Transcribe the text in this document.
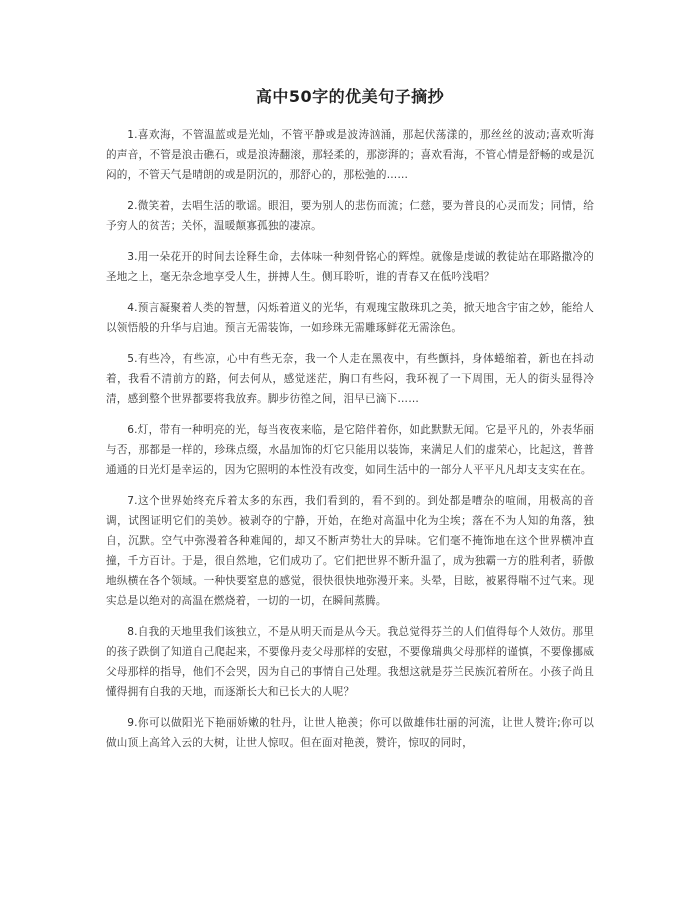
高中50字的优美句子摘抄

1.喜欢海，不管温蓝或是光灿，不管平静或是波涛汹涌，那起伏荡漾的，那丝丝的波动;喜欢听海的声音，不管是浪击礁石，或是浪涛翻滚，那轻柔的，那澎湃的；喜欢看海，不管心情是舒畅的或是沉闷的，不管天气是晴朗的或是阴沉的，那舒心的，那松弛的……

2.微笑着，去唱生活的歌谣。眼泪，要为别人的悲伤而流；仁慈，要为普良的心灵而发；同情，给予穷人的贫苦；关怀，温暖颠寡孤独的凄凉。

3.用一朵花开的时间去诠释生命，去体味一种刻骨铭心的辉煌。就像是虔诚的教徒站在耶路撒冷的圣地之上，毫无杂念地享受人生，拼搏人生。侧耳聆听，谁的青春又在低吟浅唱？

4.预言凝聚着人类的智慧，闪烁着道义的光华，有观瑰宝散珠玑之美，掀天地含宇宙之妙，能给人以领悟般的升华与启迪。预言无需装饰，一如珍珠无需雕琢鲜花无需涂色。

5.有些冷，有些凉，心中有些无奈，我一个人走在黑夜中，有些颤抖，身体蜷缩着，新也在抖动着，我看不清前方的路，何去何从，感觉迷茫，胸口有些闷，我环视了一下周围，无人的街头显得冷清，感到整个世界都要将我放弃。脚步彷徨之间，泪早已滴下……

6.灯，带有一种明亮的光，每当夜夜来临，是它陪伴着你，如此默默无闻。它是平凡的，外表华丽与否，那都是一样的，珍珠点缀，水晶加饰的灯它只能用以装饰，来满足人们的虚荣心，比起这，普普通通的日光灯是幸运的，因为它照明的本性没有改变，如同生活中的一部分人平平凡凡却支支实在在。

7.这个世界始终充斥着太多的东西，我们看到的，看不到的。到处都是嘈杂的喧闹，用极高的音调，试图证明它们的美妙。被剥夺的宁静，开始，在绝对高温中化为尘埃；落在不为人知的角落，独自，沉默。空气中弥漫着各种难闻的，却又不断声势壮大的异味。它们毫不掩饰地在这个世界横冲直撞，千方百计。于是，很自然地，它们成功了。它们把世界不断升温了，成为独霸一方的胜利者，骄傲地纵横在各个领域。一种快要窒息的感觉，很快很快地弥漫开来。头晕，目眩，被累得喘不过气来。现实总是以绝对的高温在燃烧着，一切的一切，在瞬间蒸腾。

8.自我的天地里我们该独立，不是从明天而是从今天。我总觉得芬兰的人们值得每个人效仿。那里的孩子跌倒了知道自己爬起来，不要像丹麦父母那样的安慰，不要像瑞典父母那样的谨慎，不要像挪威父母那样的指导，他们不会哭，因为自己的事情自己处理。我想这就是芬兰民族沉着所在。小孩子尚且懂得拥有自我的天地，而逐渐长大和已长大的人呢？

9.你可以做阳光下艳丽娇嫩的牡丹，让世人艳羡；你可以做雄伟壮丽的河流，让世人赞许;你可以做山顶上高耸入云的大树，让世人惊叹。但在面对艳羡，赞许，惊叹的同时，
